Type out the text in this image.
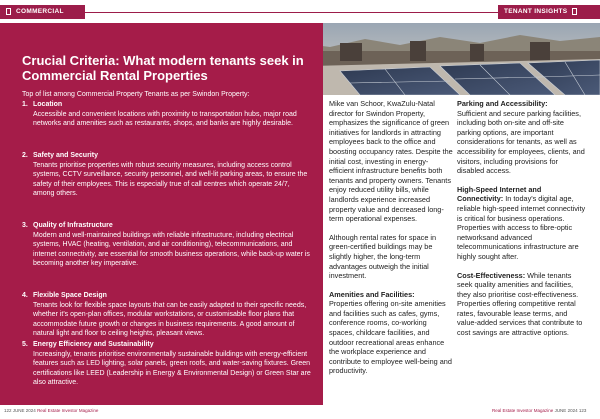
COMMERCIAL	TENANT INSIGHTS
Crucial Criteria: What modern tenants seek in Commercial Rental Properties
Top of list among Commercial Property Tenants as per Swindon Property:
1. Location
Accessible and convenient locations with proximity to transportation hubs, major road networks and amenities such as restaurants, shops, and banks are highly desirable.
2. Safety and Security
Tenants prioritise properties with robust security measures, including access control systems, CCTV surveillance, security personnel, and well-lit parking areas, to ensure the safety of their employees. This is especially true of call centres which operate 24/7, among others.
3. Quality of Infrastructure
Modern and well-maintained buildings with reliable infrastructure, including electrical systems, HVAC (heating, ventilation, and air conditioning), telecommunications, and internet connectivity, are essential for smooth business operations, while back-up water is becoming another key imperative.
4. Flexible Space Design
Tenants look for flexible space layouts that can be easily adapted to their specific needs, whether it's open-plan offices, modular workstations, or customisable floor plans that accommodate future growth or changes in business requirements. A good amount of natural light and floor to ceiling heights, pleasant views.
5. Energy Efficiency and Sustainability
Increasingly, tenants prioritise environmentally sustainable buildings with energy-efficient features such as LED lighting, solar panels, green roofs, and water-saving fixtures. Green certifications like LEED (Leadership in Energy & Environmental Design) or Green Star are also attractive.

Mike van Schoor, KwaZulu-Natal director for Swindon Property, emphasizes the significance of green initiatives for landlords in attracting employees back to the office and boosting occupancy rates. Despite the initial cost, investing in energy-efficient infrastructure benefits both tenants and property owners. Tenants enjoy reduced utility bills, while landlords experience increased property value and decreased long-term operational expenses.

Although rental rates for space in green-certified buildings may be slightly higher, the long-term advantages outweigh the initial investment.

Amenities and Facilities:
Properties offering on-site amenities and facilities such as cafes, gyms, conference rooms, co-working spaces, childcare facilities, and outdoor recreational areas enhance the workplace experience and contribute to employee well-being and productivity.

Parking and Accessibility:
Sufficient and secure parking facilities, including both on-site and off-site parking options, are important considerations for tenants, as well as accessibility for employees, clients, and visitors, including provisions for disabled access.

High-Speed Internet and Connectivity: In today's digital age, reliable high-speed internet connectivity is critical for business operations. Properties with access to fibre-optic networksand advanced telecommunications infrastructure are highly sought after.

Cost-Effectiveness: While tenants seek quality amenities and facilities, they also prioritise cost-effectiveness. Properties offering competitive rental rates, favourable lease terms, and value-added services that contribute to cost savings are attractive options.

122 JUNE 2024 Real Estate Investor Magazine	Real Estate Investor Magazine JUNE 2024 123
